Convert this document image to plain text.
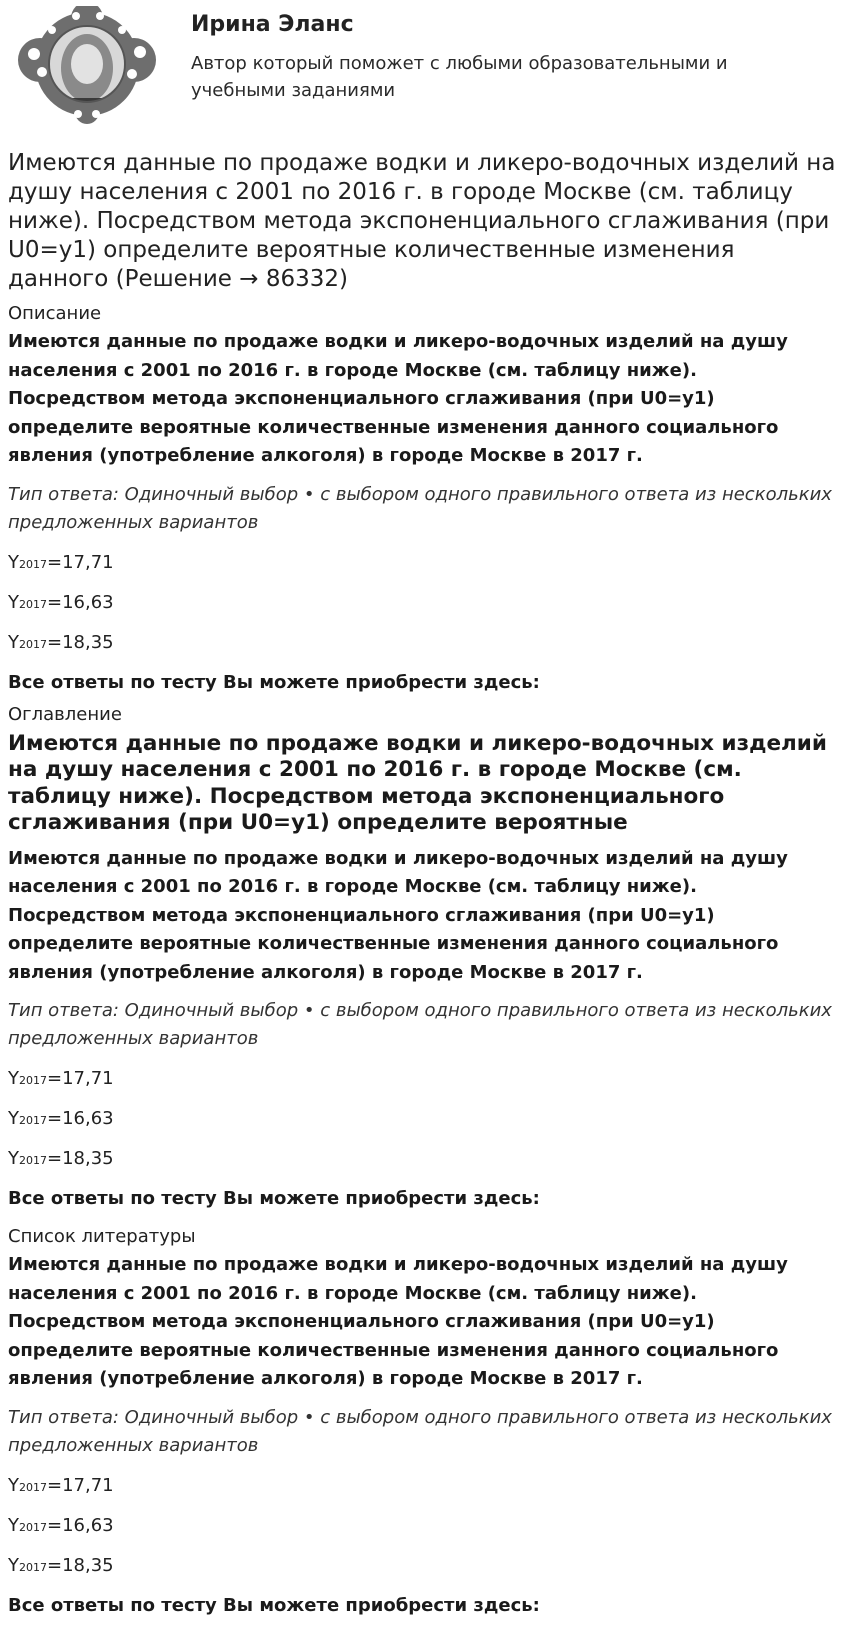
Ирина Эланс
Автор который поможет с любыми образовательными и учебными заданиями
Имеются данные по продаже водки и ликеро-водочных изделий на душу населения с 2001 по 2016 г. в городе Москве (см. таблицу ниже). Посредством метода экспоненциального сглаживания (при U0=y1) определите вероятные количественные изменения данного (Решение → 86332)
Описание
Имеются данные по продаже водки и ликеро-водочных изделий на душу населения с 2001 по 2016 г. в городе Москве (см. таблицу ниже). Посредством метода экспоненциального сглаживания (при U0=y1) определите вероятные количественные изменения данного социального явления (употребление алкоголя) в городе Москве в 2017 г.
Тип ответа: Одиночный выбор • с выбором одного правильного ответа из нескольких предложенных вариантов
Y2017=17,71
Y2017=16,63
Y2017=18,35
Все ответы по тесту Вы можете приобрести здесь:
Оглавление
Имеются данные по продаже водки и ликеро-водочных изделий на душу населения с 2001 по 2016 г. в городе Москве (см. таблицу ниже). Посредством метода экспоненциального сглаживания (при U0=y1) определите вероятные
Имеются данные по продаже водки и ликеро-водочных изделий на душу населения с 2001 по 2016 г. в городе Москве (см. таблицу ниже). Посредством метода экспоненциального сглаживания (при U0=y1) определите вероятные количественные изменения данного социального явления (употребление алкоголя) в городе Москве в 2017 г.
Тип ответа: Одиночный выбор • с выбором одного правильного ответа из нескольких предложенных вариантов
Y2017=17,71
Y2017=16,63
Y2017=18,35
Все ответы по тесту Вы можете приобрести здесь:
Список литературы
Имеются данные по продаже водки и ликеро-водочных изделий на душу населения с 2001 по 2016 г. в городе Москве (см. таблицу ниже). Посредством метода экспоненциального сглаживания (при U0=y1) определите вероятные количественные изменения данного социального явления (употребление алкоголя) в городе Москве в 2017 г.
Тип ответа: Одиночный выбор • с выбором одного правильного ответа из нескольких предложенных вариантов
Y2017=17,71
Y2017=16,63
Y2017=18,35
Все ответы по тесту Вы можете приобрести здесь:
